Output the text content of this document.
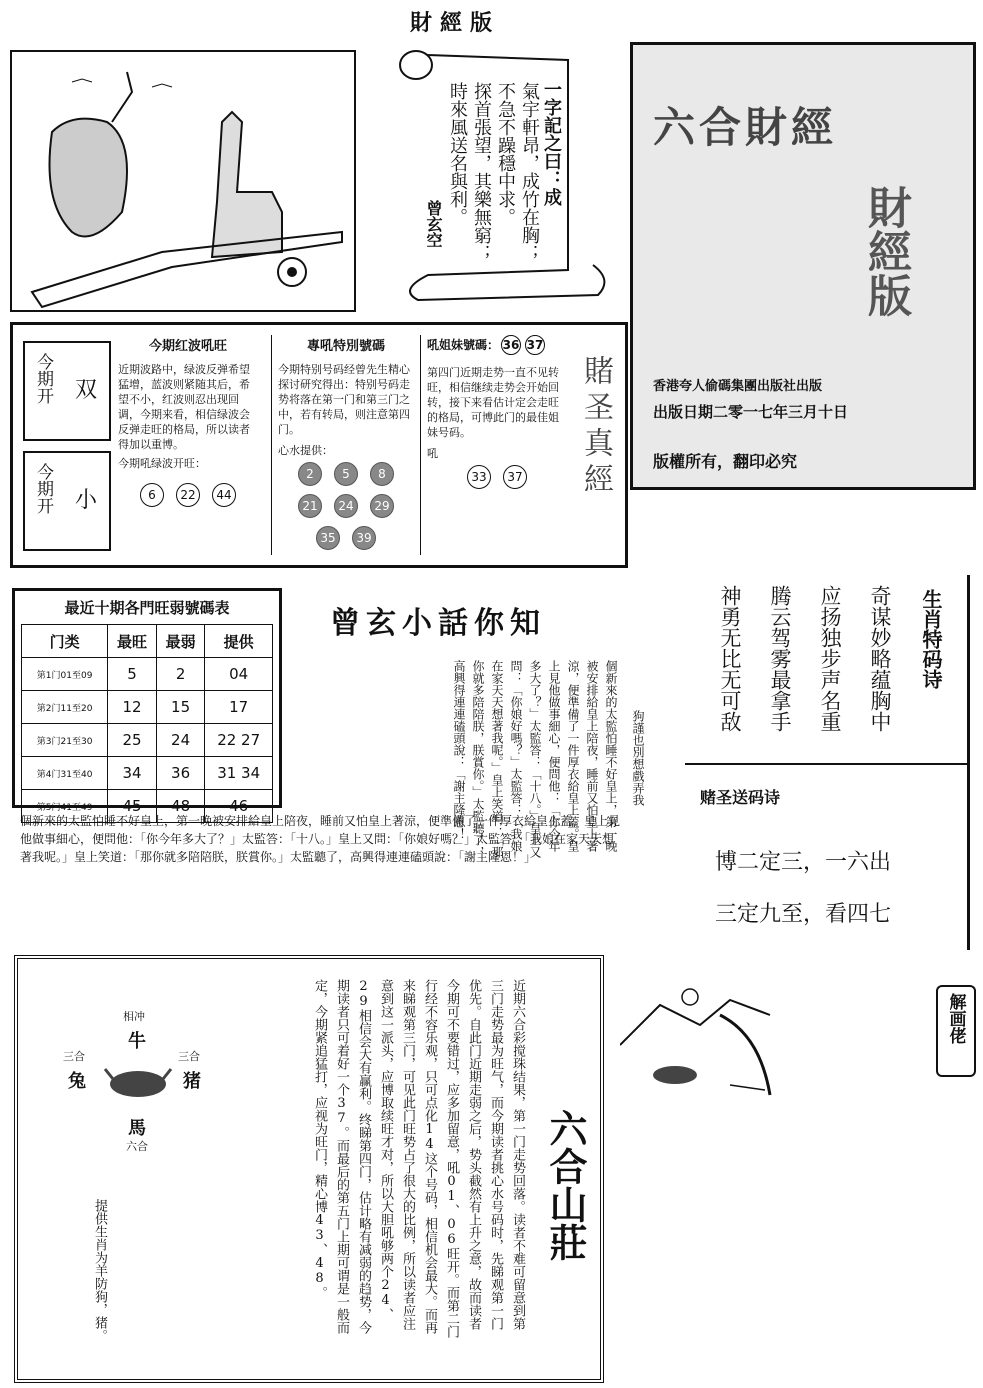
財經版
一字記之曰：成
氣宇軒昂，成竹在胸；
不急不躁穩中求。
探首張望，其樂無窮；
時來風送名與利。
曾玄空
六合財經
財經版
香港夸人偷碼集團出版社出版
出版日期二零一七年三月十日
版權所有，翻印必究
今期开 双
今期开 小
今期红波吼旺
近期波路中，绿波反弹希望猛增，蓝波则紧随其后，希望不小，红波则忍出现回调，今期来看，相信绿波会反弹走旺的格局，所以读者得加以重博。
今期吼绿波开旺：
6 22 44
專吼特別號碼
今期特别号码经曾先生精心探讨研究得出：特别号码走势将落在第一门和第三门之中，若有转局，则注意第四门。
心水提供：
2 5 821 24 2935 39
吼姐妹號碼： 36 37
第四门近期走势一直不见转旺，相信继续走势会开始回转，接下来看估计定会走旺的格局，可博此门的最佳姐妹号码。
吼
33 37	賭圣真經
最近十期各門旺弱號碼表
门类	最旺	最弱	提供
第1门01至09	5	2	04
第2门11至20	12	15	17
第3门21至30	25	24	22 27
第4门31至40	34	36	31 34
第5门41至49	45	48	46
曾玄小話你知
個新來的太監怕睡不好皇上，第一晚被安排給皇上陪夜，睡前又怕皇上著涼，便準備了一件厚衣給皇上蓋。皇上見他做事細心，便問他：「你今年多大了？」太監答：「十八。」皇上又問：「你娘好嗎？」太監答：「我娘在家天天想著我呢。」皇上笑道：「那你就多陪陪朕，朕賞你。」太監聽了，高興得連連磕頭說：「謝主隆恩！」	狗謹也別想戲弄我
個新來的太監怕睡不好皇上，第一晚被安排給皇上陪夜，睡前又怕皇上著涼，便準備了一件厚衣給皇上蓋。皇上見他做事細心，便問他：「你今年多大了？」太監答：「十八。」皇上又問：「你娘好嗎？」太監答：「我娘在家天天想著我呢。」皇上笑道：「那你就多陪陪朕，朕賞你。」太監聽了，高興得連連磕頭說：「謝主隆恩！」
生肖特码诗
奇谋妙略蕴胸中
应扬独步声名重
腾云驾雾最拿手
神勇无比无可敌
赌圣送码诗
博二定三，一六出
三定九至，看四七
六合山莊
近期六合彩搅珠结果，第一门走势回落。读者不难可留意到第三门走势最为旺气，而今期读者挑心水号码时，先睇观第一门优先。自此门近期走弱之后，势头截然有上升之意，故而读者今期可不要错过，应多加留意，吼01、06旺开。而第二门行经不容乐观，只可点化14这个号码，相信机会最大。而再来睇观第三门，可见此门旺势占了很大的比例，所以读者应注意到这一派头，应博取续旺才对，所以大胆吼够两个24、29相信会大有赢利。终睇第四门，估计略有减弱的趋势，今期读者只可着好一个37。而最后的第五门上期可谓是一般而定，今期紧追猛打，应视为旺门，精心博43、48。
提供生肖为羊防狗，猪。
相冲
牛
三合
兔
三合
猪
馬
六合
解画佬
